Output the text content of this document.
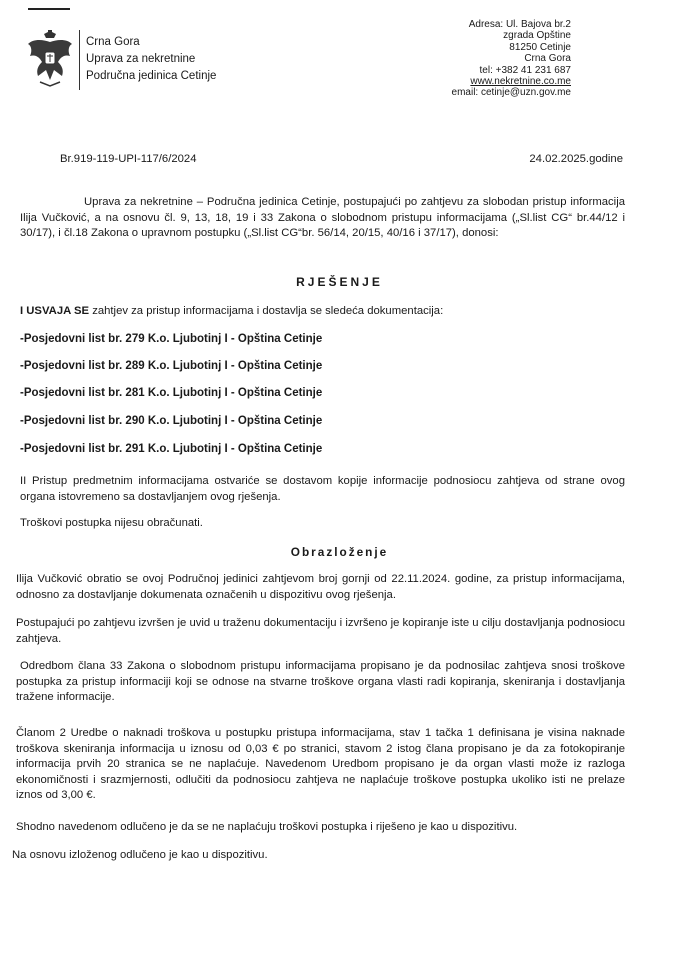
Crna Gora
Uprava za nekretnine
Područna jedinica Cetinje
Adresa: Ul. Bajova br.2
zgrada Opštine
81250 Cetinje
Crna Gora
tel: +382 41 231 687
www.nekretnine.co.me
email: cetinje@uzn.gov.me
Br.919-119-UPI-117/6/2024	24.02.2025.godine
Uprava za nekretnine – Područna jedinica Cetinje, postupajući po zahtjevu za slobodan pristup informacija Ilija Vučković, a na osnovu čl. 9, 13, 18, 19 i 33 Zakona o slobodnom pristupu informacijama („Sl.list CG“ br.44/12 i 30/17), i čl.18 Zakona o upravnom postupku („Sl.list CG“br. 56/14, 20/15, 40/16 i 37/17), donosi:
RJEŠENJE
I USVAJA SE zahtjev za pristup informacijama i dostavlja se sledeća dokumentacija:
-Posjedovni list br. 279 K.o. Ljubotinj I - Opština Cetinje
-Posjedovni list br. 289 K.o. Ljubotinj I - Opština Cetinje
-Posjedovni list br. 281 K.o. Ljubotinj I - Opština Cetinje
-Posjedovni list br. 290 K.o. Ljubotinj I - Opština Cetinje
-Posjedovni list br. 291 K.o. Ljubotinj I - Opština Cetinje
II Pristup predmetnim informacijama ostvariće se dostavom kopije informacije podnosiocu zahtjeva od strane ovog organa istovremeno sa dostavljanjem ovog rješenja.
Troškovi postupka nijesu obračunati.
Obrazloženje
Ilija Vučković obratio se ovoj Područnoj jedinici zahtjevom broj gornji od 22.11.2024. godine, za pristup informacijama, odnosno za dostavljanje dokumenata označenih u dispozitivu ovog rješenja.
Postupajući po zahtjevu izvršen je uvid u traženu dokumentaciju i izvršeno je kopiranje iste u cilju dostavljanja podnosiocu zahtjeva.
Odredbom člana 33 Zakona o slobodnom pristupu informacijama propisano je da podnosilac zahtjeva snosi troškove postupka za pristup informaciji koji se odnose na stvarne troškove organa vlasti radi kopiranja, skeniranja i dostavljanja tražene informacije.
Članom 2 Uredbe o naknadi troškova u postupku pristupa informacijama, stav 1 tačka 1 definisana je visina naknade troškova skeniranja informacija u iznosu od 0,03 € po stranici, stavom 2 istog člana propisano je da za fotokopiranje informacija prvih 20 stranica se ne naplaćuje. Navedenom Uredbom propisano je da organ vlasti može iz razloga ekonomičnosti i srazmjernosti, odlučiti da podnosiocu zahtjeva ne naplaćuje troškove postupka ukoliko isti ne prelaze iznos od 3,00 €.
Shodno navedenom odlučeno je da se ne naplaćuju troškovi postupka i riješeno je kao u dispozitivu.
Na osnovu izloženog odlučeno je kao u dispozitivu.
